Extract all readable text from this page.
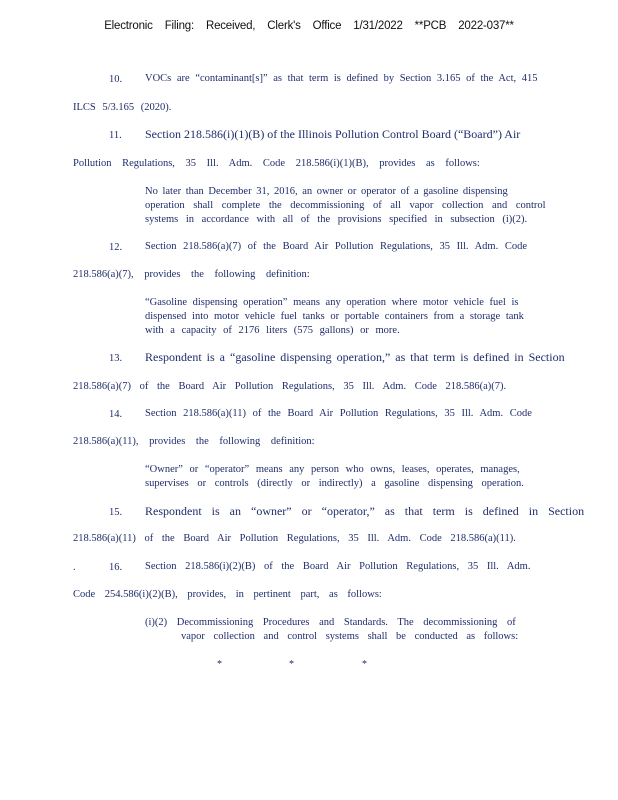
Electronic Filing: Received, Clerk's Office 1/31/2022 **PCB 2022-037**
10. VOCs are “contaminant[s]” as that term is defined by Section 3.165 of the Act, 415
ILCS 5/3.165 (2020).
11. Section 218.586(i)(1)(B) of the Illinois Pollution Control Board (“Board”) Air
Pollution Regulations, 35 Ill. Adm. Code 218.586(i)(1)(B), provides as follows:
No later than December 31, 2016, an owner or operator of a gasoline dispensing
operation shall complete the decommissioning of all vapor collection and control
systems in accordance with all of the provisions specified in subsection (i)(2).
12. Section 218.586(a)(7) of the Board Air Pollution Regulations, 35 Ill. Adm. Code
218.586(a)(7), provides the following definition:
“Gasoline dispensing operation” means any operation where motor vehicle fuel is
dispensed into motor vehicle fuel tanks or portable containers from a storage tank
with a capacity of 2176 liters (575 gallons) or more.
13. Respondent is a “gasoline dispensing operation,” as that term is defined in Section
218.586(a)(7) of the Board Air Pollution Regulations, 35 Ill. Adm. Code 218.586(a)(7).
14. Section 218.586(a)(11) of the Board Air Pollution Regulations, 35 Ill. Adm. Code
218.586(a)(11), provides the following definition:
“Owner” or “operator” means any person who owns, leases, operates, manages,
supervises or controls (directly or indirectly) a gasoline dispensing operation.
15. Respondent is an “owner” or “operator,” as that term is defined in Section
218.586(a)(11) of the Board Air Pollution Regulations, 35 Ill. Adm. Code 218.586(a)(11).
.	16. Section 218.586(i)(2)(B) of the Board Air Pollution Regulations, 35 Ill. Adm.
Code 254.586(i)(2)(B), provides, in pertinent part, as follows:
(i)(2) Decommissioning Procedures and Standards. The decommissioning of
vapor collection and control systems shall be conducted as follows:
*	*	*
